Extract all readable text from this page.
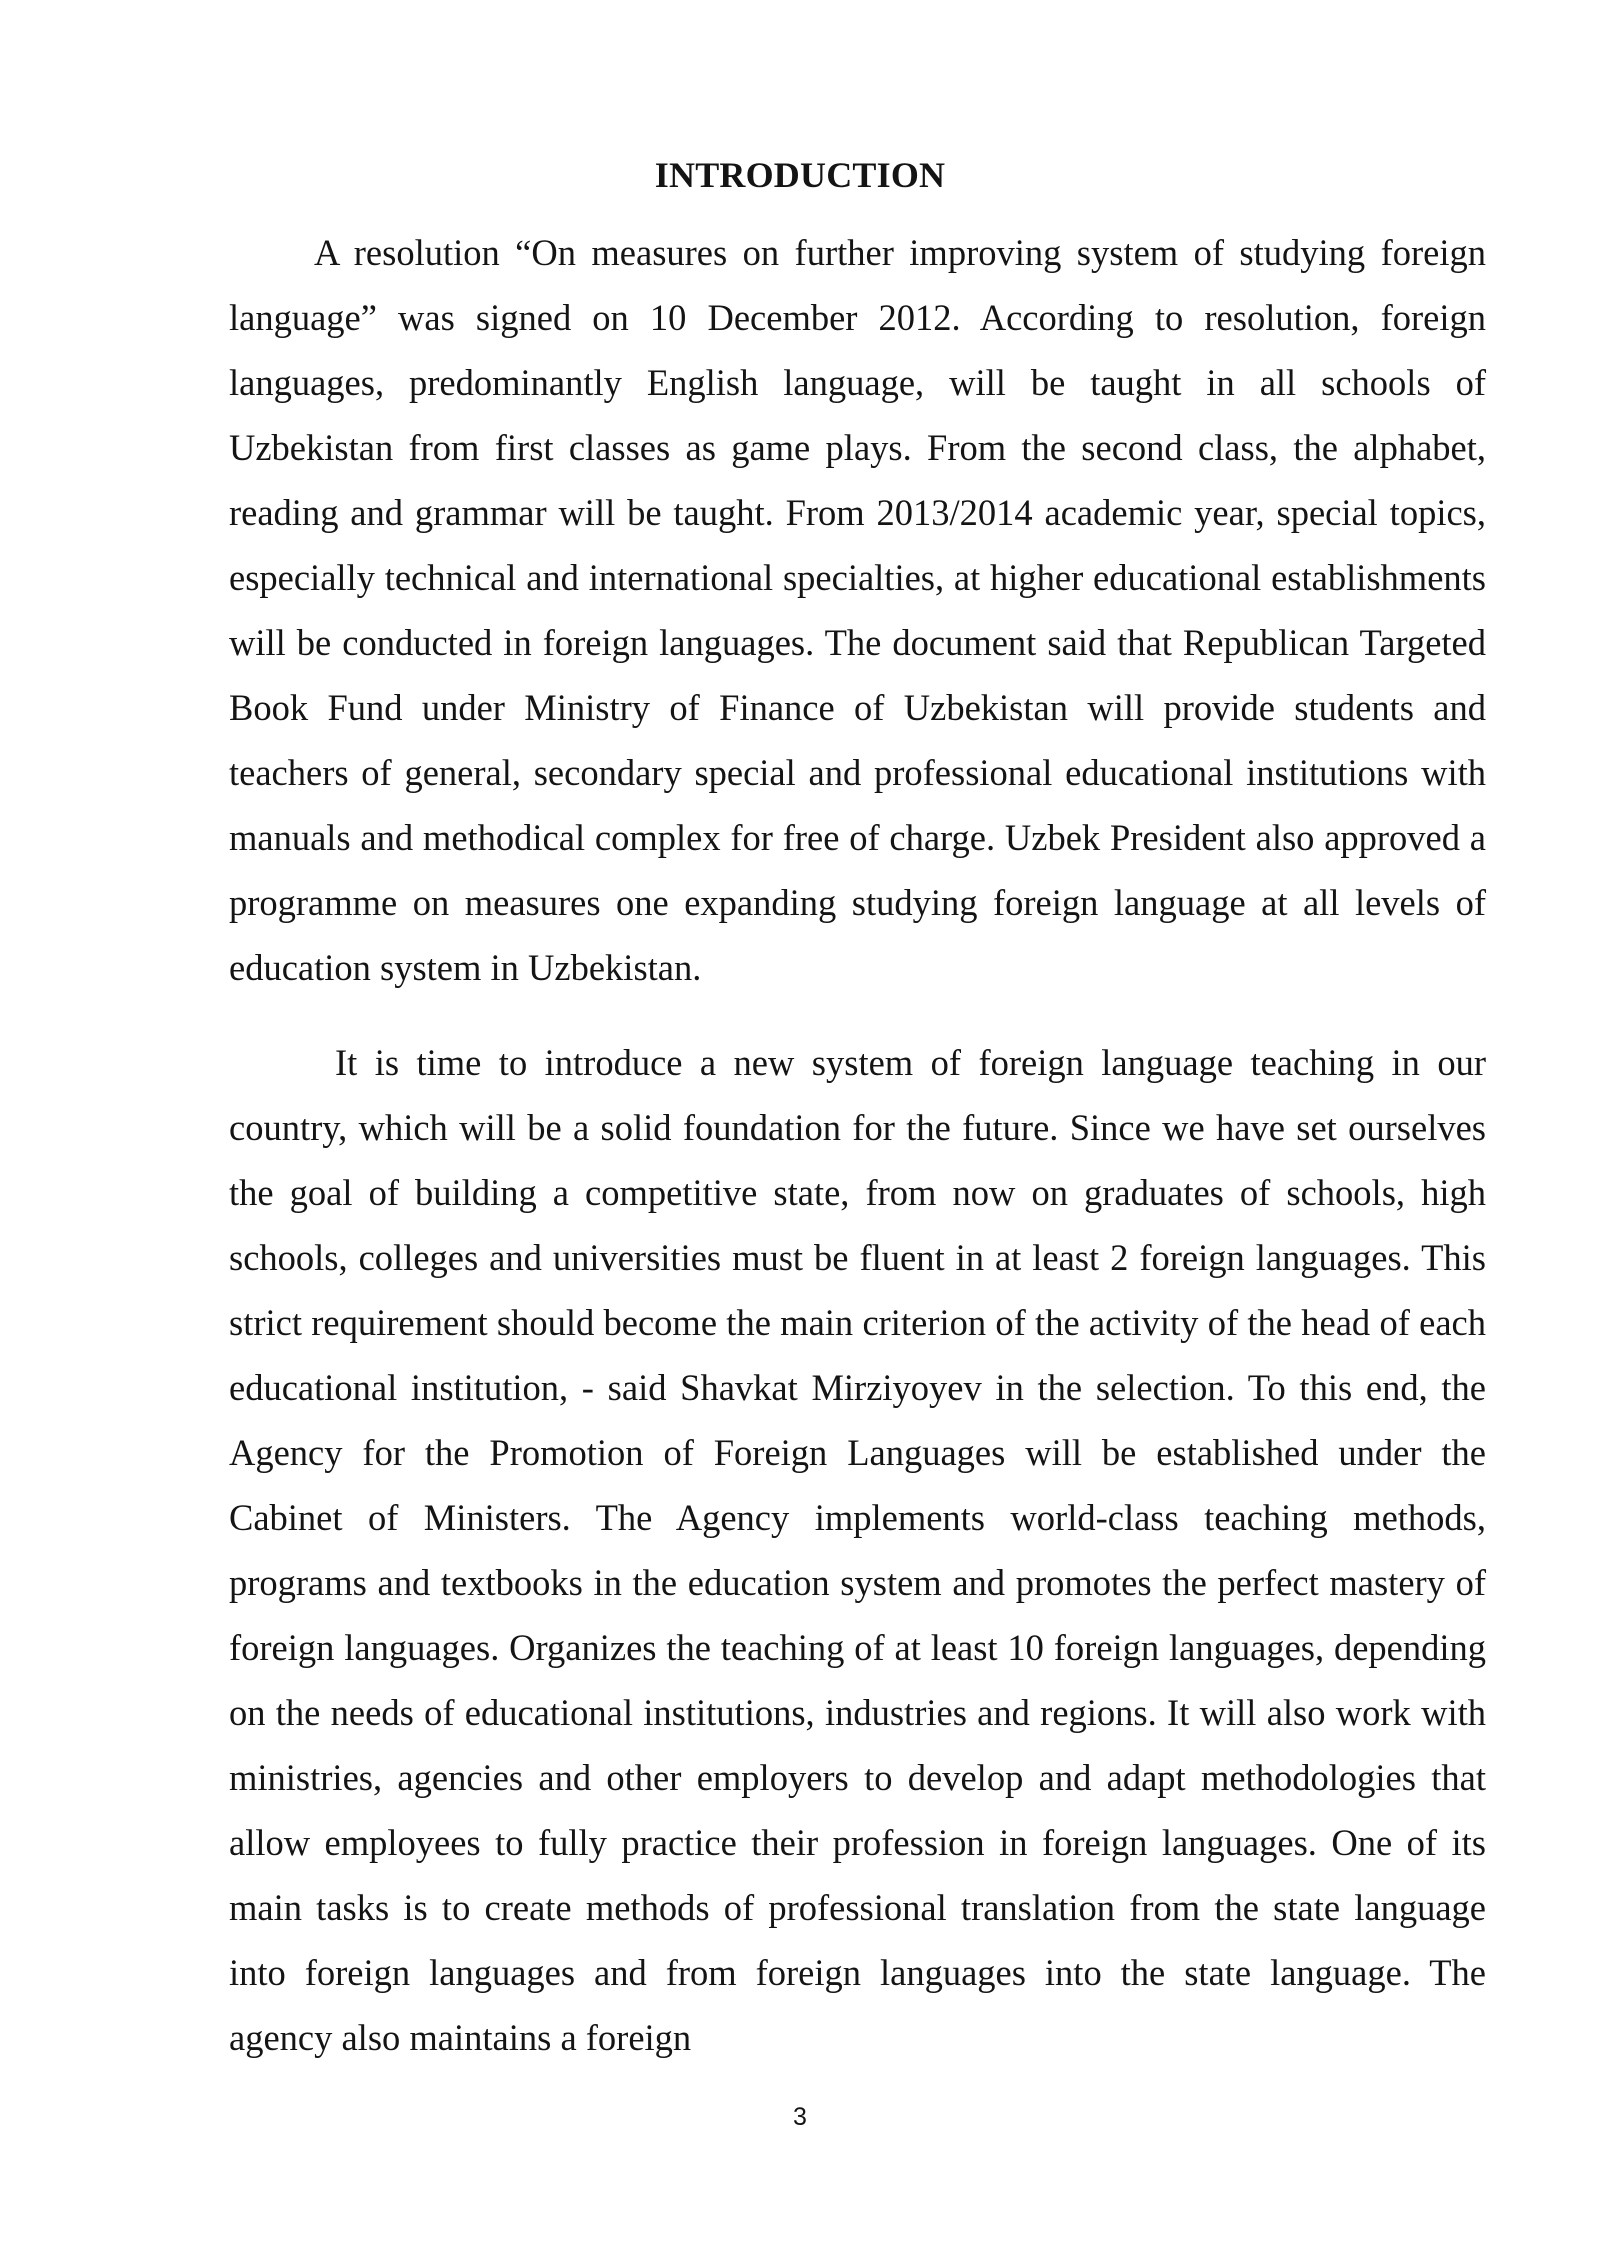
INTRODUCTION

A resolution “On measures on further improving system of studying foreign language” was signed on 10 December 2012. According to resolution, foreign languages, predominantly English language, will be taught in all schools of Uzbekistan from first classes as game plays. From the second class, the alphabet, reading and grammar will be taught. From 2013/2014 academic year, special topics, especially technical and international specialties, at higher educational establishments will be conducted in foreign languages. The document said that Republican Targeted Book Fund under Ministry of Finance of Uzbekistan will provide students and teachers of general, secondary special and professional educational institutions with manuals and methodical complex for free of charge. Uzbek President also approved a programme on measures one expanding studying foreign language at all levels of education system in Uzbekistan.

It is time to introduce a new system of foreign language teaching in our country, which will be a solid foundation for the future. Since we have set ourselves the goal of building a competitive state, from now on graduates of schools, high schools, colleges and universities must be fluent in at least 2 foreign languages. This strict requirement should become the main criterion of the activity of the head of each educational institution, - said Shavkat Mirziyoyev in the selection. To this end, the Agency for the Promotion of Foreign Languages will be established under the Cabinet of Ministers. The Agency implements world-class teaching methods, programs and textbooks in the education system and promotes the perfect mastery of foreign languages. Organizes the teaching of at least 10 foreign languages, depending on the needs of educational institutions, industries and regions. It will also work with ministries, agencies and other employers to develop and adapt methodologies that allow employees to fully practice their profession in foreign languages. One of its main tasks is to create methods of professional translation from the state language into foreign languages and from foreign languages into the state language. The agency also maintains a foreign

3
